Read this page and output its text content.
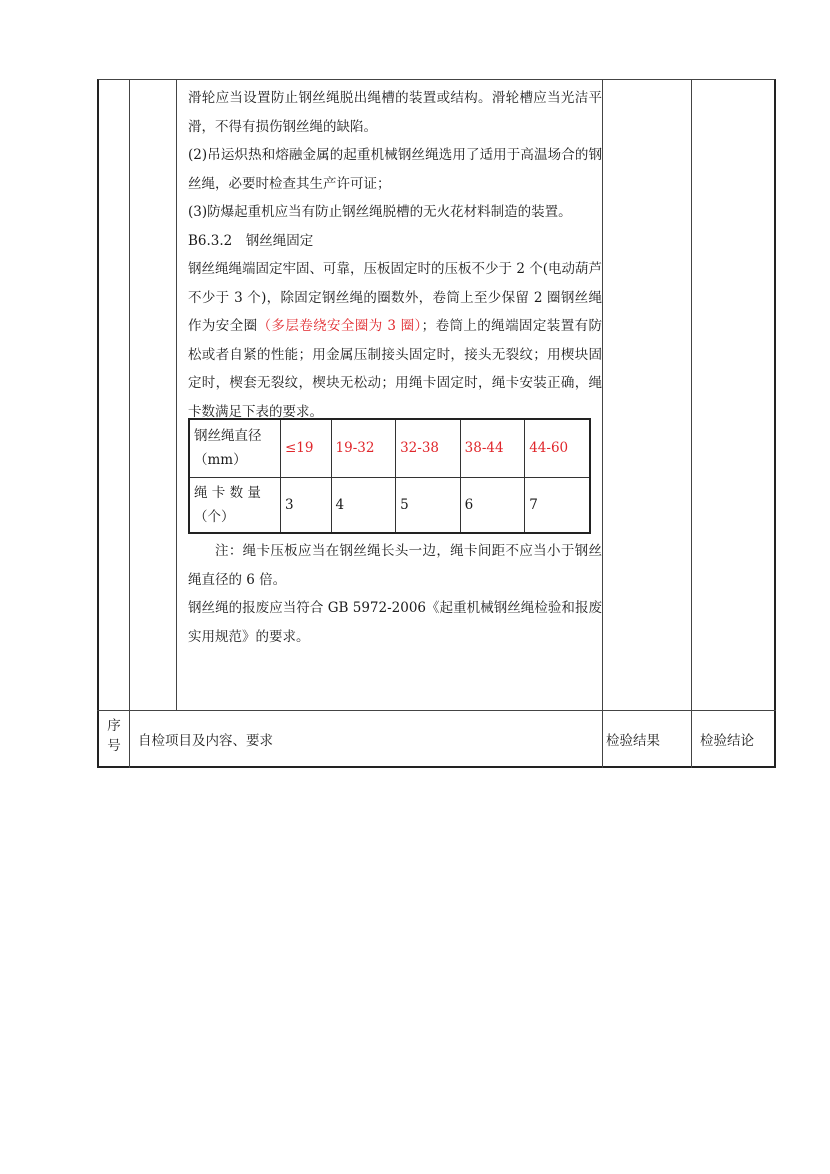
滑轮应当设置防止钢丝绳脱出绳槽的装置或结构。滑轮槽应当光洁平滑，不得有损伤钢丝绳的缺陷。

(2)吊运炽热和熔融金属的起重机械钢丝绳选用了适用于高温场合的钢丝绳，必要时检查其生产许可证；

(3)防爆起重机应当有防止钢丝绳脱槽的无火花材料制造的装置。

B6.3.2　钢丝绳固定

钢丝绳绳端固定牢固、可靠，压板固定时的压板不少于 2 个(电动葫芦不少于 3 个)，除固定钢丝绳的圈数外，卷筒上至少保留 2 圈钢丝绳作为安全圈（多层卷绕安全圈为 3 圈）；卷筒上的绳端固定装置有防松或者自紧的性能；用金属压制接头固定时，接头无裂纹；用楔块固定时，楔套无裂纹，楔块无松动；用绳卡固定时，绳卡安装正确，绳卡数满足下表的要求。

钢丝绳直径（mm）	≤19	19-32	32-38	38-44	44-60
绳 卡 数 量（个）	3	4	5	6	7

注：绳卡压板应当在钢丝绳长头一边，绳卡间距不应当小于钢丝绳直径的 6 倍。

钢丝绳的报废应当符合 GB 5972-2006《起重机械钢丝绳检验和报废实用规范》的要求。

序号 自检项目及内容、要求	检验结果	检验结论
